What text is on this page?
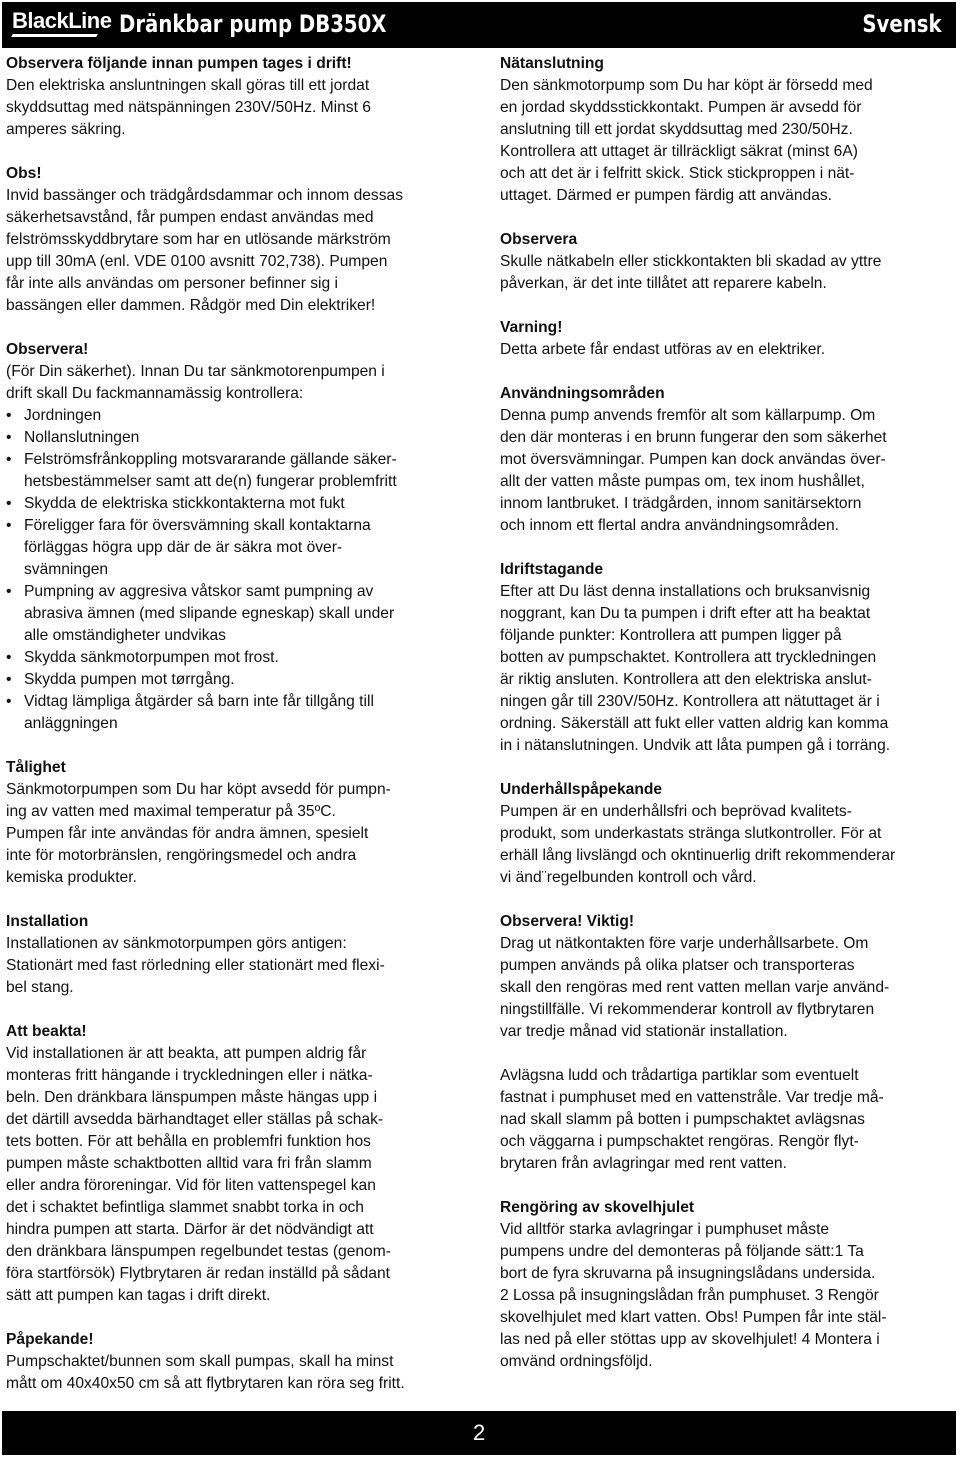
BlackLine Dränkbar pump DB350X	Svensk
Observera följande innan pumpen tages i drift!
Den elektriska ansluntningen skall göras till ett jordat
skyddsuttag med nätspänningen 230V/50Hz. Minst 6
amperes säkring.
Obs!
Invid bassänger och trädgårdsdammar och innom dessas
säkerhetsavstånd, får pumpen endast användas med
felströmsskyddbrytare som har en utlösande märkström
upp till 30mA (enl. VDE 0100 avsnitt 702,738). Pumpen
får inte alls användas om personer befinner sig i
bassängen eller dammen. Rådgör med Din elektriker!
Observera!
(För Din säkerhet). Innan Du tar sänkmotorenpumpen i
drift skall Du fackmannamässig kontrollera:
• Jordningen
• Nollanslutningen
• Felströmsfrånkoppling motsvararande gällande säker-
hetsbestämmelser samt att de(n) fungerar problemfritt
• Skydda de elektriska stickkontakterna mot fukt
• Föreligger fara för översvämning skall kontaktarna
förläggas högra upp där de är säkra mot över-
svämningen
• Pumpning av aggresiva våtskor samt pumpning av
abrasiva ämnen (med slipande egneskap) skall under
alle omständigheter undvikas
• Skydda sänkmotorpumpen mot frost.
• Skydda pumpen mot tørrgång.
• Vidtag lämpliga åtgärder så barn inte får tillgång till
anläggningen
Tålighet
Sänkmotorpumpen som Du har köpt avsedd för pumpn-
ing av vatten med maximal temperatur på 35ºC.
Pumpen får inte användas för andra ämnen, spesielt
inte för motorbränslen, rengöringsmedel och andra
kemiska produkter.
Installation
Installationen av sänkmotorpumpen görs antigen:
Stationärt med fast rörledning eller stationärt med flexi-
bel stang.
Att beakta!
Vid installationen är att beakta, att pumpen aldrig får
monteras fritt hängande i tryckledningen eller i nätka-
beln. Den dränkbara länspumpen måste hängas upp i
det därtill avsedda bärhandtaget eller ställas på schak-
tets botten. För att behålla en problemfri funktion hos
pumpen måste schaktbotten alltid vara fri från slamm
eller andra föroreningar. Vid för liten vattenspegel kan
det i schaktet befintliga slammet snabbt torka in och
hindra pumpen att starta. Därfor är det nödvändigt att
den dränkbara länspumpen regelbundet testas (genom-
föra startförsök) Flytbrytaren är redan inställd på sådant
sätt att pumpen kan tagas i drift direkt.
Påpekande!
Pumpschaktet/bunnen som skall pumpas, skall ha minst
mått om 40x40x50 cm så att flytbrytaren kan röra seg fritt.
Nätanslutning
Den sänkmotorpump som Du har köpt är försedd med
en jordad skyddsstickkontakt. Pumpen är avsedd för
anslutning till ett jordat skyddsuttag med 230/50Hz.
Kontrollera att uttaget är tillräckligt säkrat (minst 6A)
och att det är i felfritt skick. Stick stickproppen i nät-
uttaget. Därmed er pumpen färdig att användas.
Observera
Skulle nätkabeln eller stickkontakten bli skadad av yttre
påverkan, är det inte tillåtet att reparere kabeln.
Varning!
Detta arbete får endast utföras av en elektriker.
Användningsområden
Denna pump anvends fremför alt som källarpump. Om
den där monteras i en brunn fungerar den som säkerhet
mot översvämningar. Pumpen kan dock användas över-
allt der vatten måste pumpas om, tex inom hushållet,
innom lantbruket. I trädgården, innom sanitärsektorn
och innom ett flertal andra användningsområden.
Idriftstagande
Efter att Du läst denna installations och bruksanvisnig
noggrant, kan Du ta pumpen i drift efter att ha beaktat
följande punkter: Kontrollera att pumpen ligger på
botten av pumpschaktet. Kontrollera att tryckledningen
är riktig ansluten. Kontrollera att den elektriska anslut-
ningen går till 230V/50Hz. Kontrollera att nätuttaget är i
ordning. Säkerställ att fukt eller vatten aldrig kan komma
in i nätanslutningen. Undvik att låta pumpen gå i torräng.
Underhållspåpekande
Pumpen är en underhållsfri och beprövad kvalitets-
produkt, som underkastats stränga slutkontroller. För at
erhäll lång livslängd och okntinuerlig drift rekommenderar
vi änd¨regelbunden kontroll och vård.
Observera! Viktig!
Drag ut nätkontakten före varje underhållsarbete. Om
pumpen används på olika platser och transporteras
skall den rengöras med rent vatten mellan varje använd-
ningstillfälle. Vi rekommenderar kontroll av flytbrytaren
var tredje månad vid stationär installation.
Avlägsna ludd och trådartiga partiklar som eventuelt
fastnat i pumphuset med en vattenstråle. Var tredje må-
nad skall slamm på botten i pumpschaktet avlägsnas
och väggarna i pumpschaktet rengöras. Rengör flyt-
brytaren från avlagringar med rent vatten.
Rengöring av skovelhjulet
Vid alltför starka avlagringar i pumphuset måste
pumpens undre del demonteras på följande sätt:1 Ta
bort de fyra skruvarna på insugningslådans undersida.
2 Lossa på insugningslådan från pumphuset. 3 Rengör
skovelhjulet med klart vatten. Obs! Pumpen får inte stäl-
las ned på eller stöttas upp av skovelhjulet! 4 Montera i
omvänd ordningsföljd.
2
